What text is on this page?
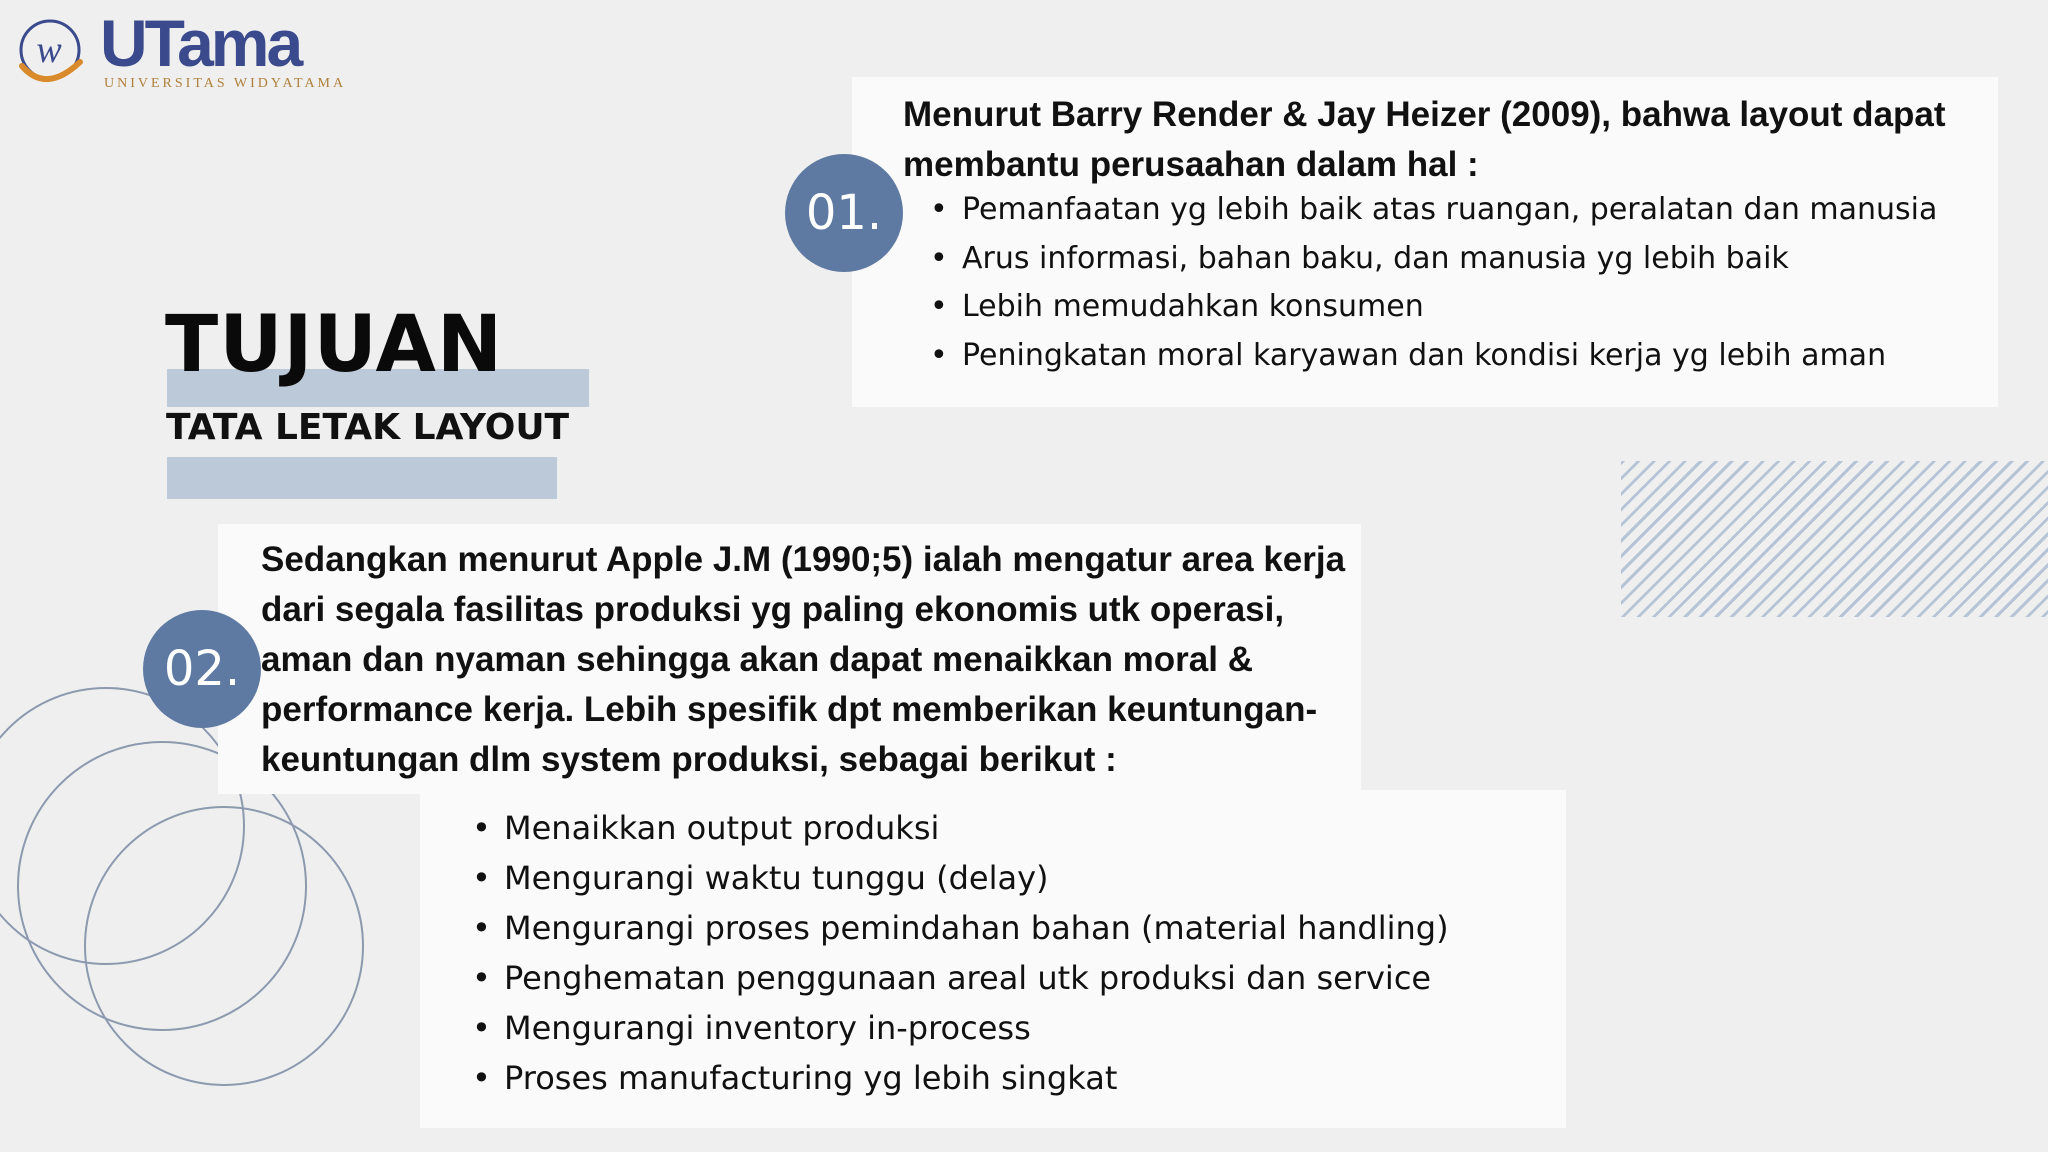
w UTama
UNIVERSITAS WIDYATAMA
TUJUAN
TATA LETAK LAYOUT
01.
Menurut Barry Render & Jay Heizer (2009), bahwa layout dapat membantu perusaahan dalam hal :
• Pemanfaatan yg lebih baik atas ruangan, peralatan dan manusia
• Arus informasi, bahan baku, dan manusia yg lebih baik
• Lebih memudahkan konsumen
• Peningkatan moral karyawan dan kondisi kerja yg lebih aman
02.
Sedangkan menurut Apple J.M (1990;5) ialah mengatur area kerja dari segala fasilitas produksi yg paling ekonomis utk operasi, aman dan nyaman sehingga akan dapat menaikkan moral & performance kerja. Lebih spesifik dpt memberikan keuntungan-keuntungan dlm system produksi, sebagai berikut :
• Menaikkan output produksi
• Mengurangi waktu tunggu (delay)
• Mengurangi proses pemindahan bahan (material handling)
• Penghematan penggunaan areal utk produksi dan service
• Mengurangi inventory in-process
• Proses manufacturing yg lebih singkat
